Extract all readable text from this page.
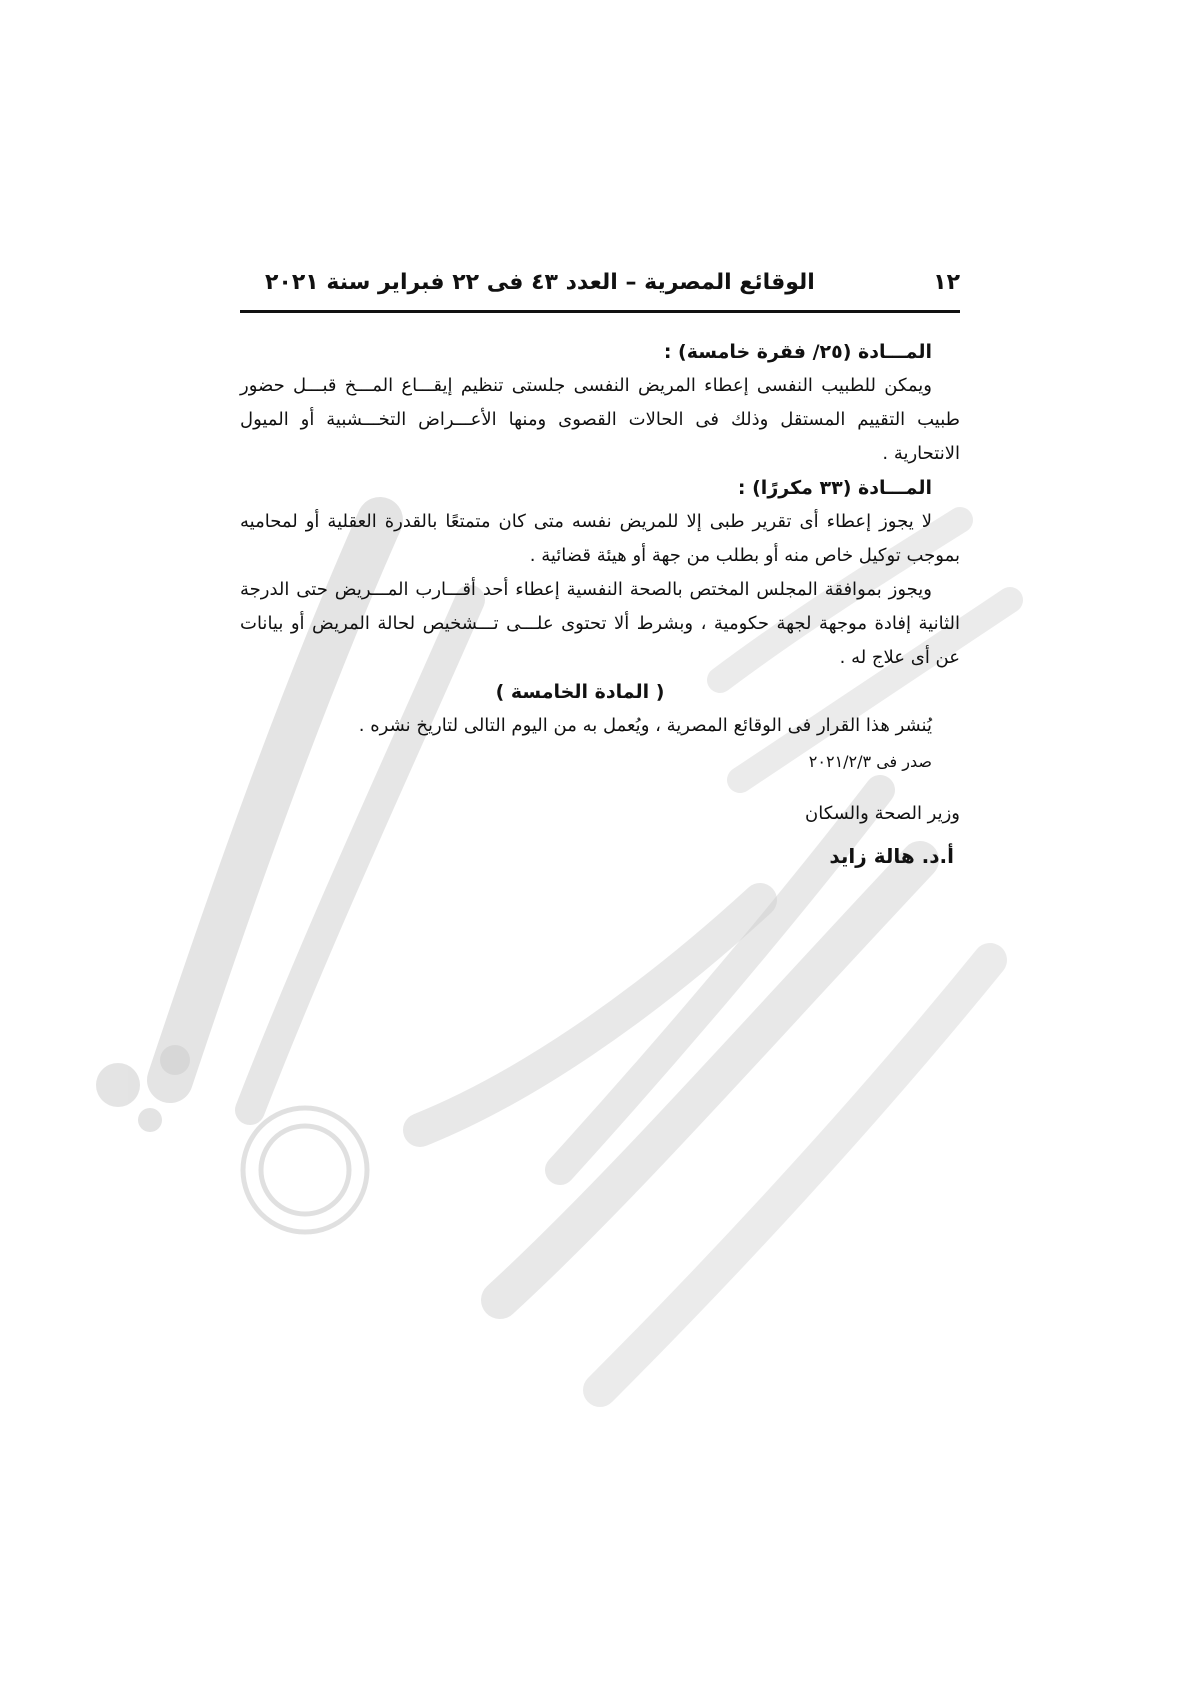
١٢
الوقائع المصرية – العدد ٤٣ فى ٢٢ فبراير سنة ٢٠٢١

المـــادة (٢٥/ فقرة خامسة) :

ويمكن للطبيب النفسى إعطاء المريض النفسى جلستى تنظيم إيقـــاع المـــخ قبـــل حضور طبيب التقييم المستقل وذلك فى الحالات القصوى ومنها الأعـــراض التخـــشبية أو الميول الانتحارية .

المـــادة (٣٣ مكررًا) :

لا يجوز إعطاء أى تقرير طبى إلا للمريض نفسه متى كان متمتعًا بالقدرة العقلية أو لمحاميه بموجب توكيل خاص منه أو بطلب من جهة أو هيئة قضائية .

ويجوز بموافقة المجلس المختص بالصحة النفسية إعطاء أحد أقـــارب المـــريض حتى الدرجة الثانية إفادة موجهة لجهة حكومية ، وبشرط ألا تحتوى علـــى تـــشخيص لحالة المريض أو بيانات عن أى علاج له .

( المادة الخامسة )

يُنشر هذا القرار فى الوقائع المصرية ، ويُعمل به من اليوم التالى لتاريخ نشره .

صدر فى ٢٠٢١/٢/٣

وزير الصحة والسكان

أ.د. هالة زايد
